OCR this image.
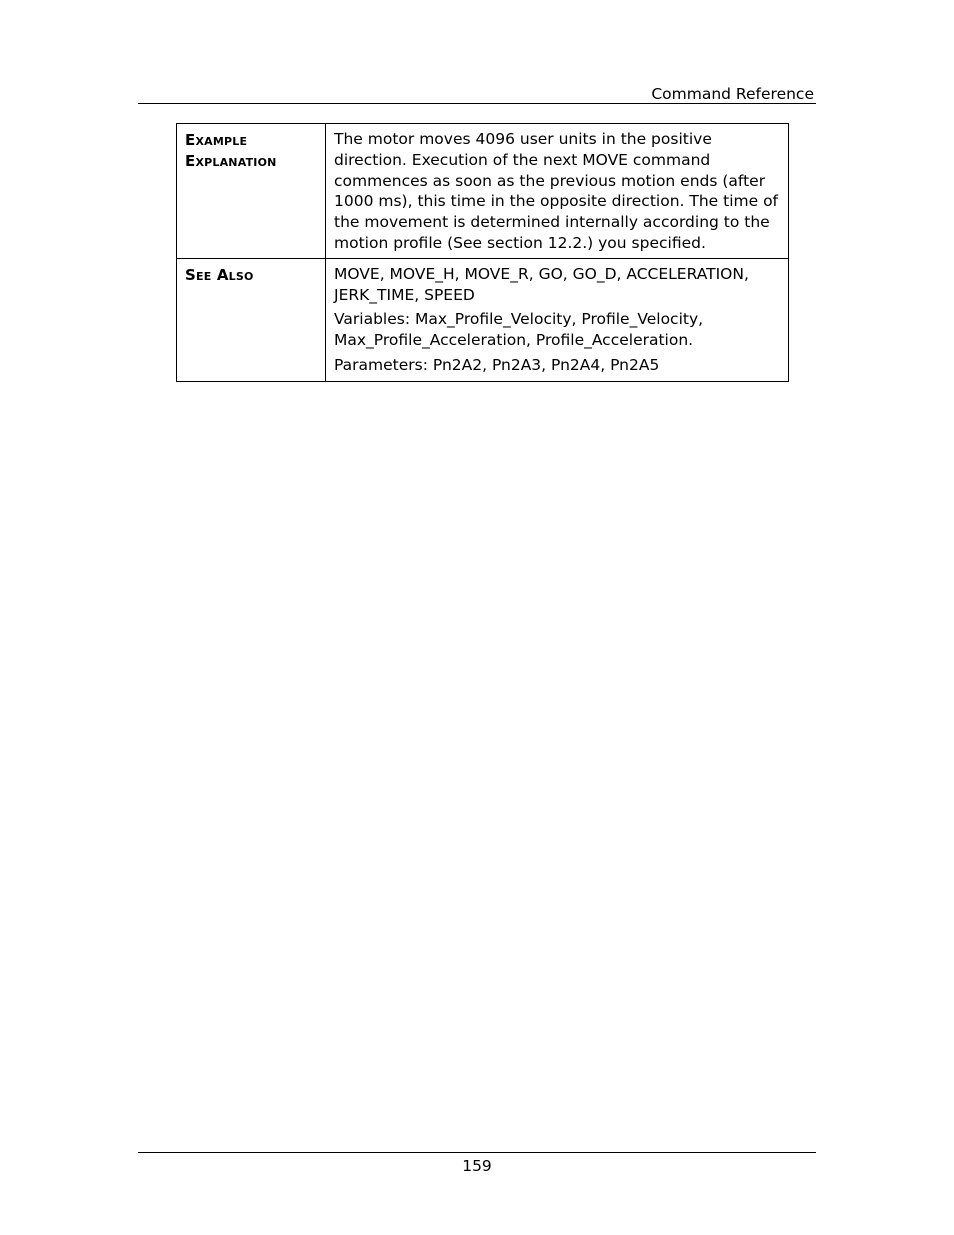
Command Reference
Example Explanation	The motor moves 4096 user units in the positive direction. Execution of the next MOVE command commences as soon as the previous motion ends (after 1000 ms), this time in the opposite direction. The time of the movement is determined internally according to the motion profile (See section 12.2.) you specified.

See Also	MOVE, MOVE_H, MOVE_R, GO, GO_D, ACCELERATION, JERK_TIME, SPEED

Variables: Max_Profile_Velocity, Profile_Velocity, Max_Profile_Acceleration, Profile_Acceleration.

Parameters: Pn2A2, Pn2A3, Pn2A4, Pn2A5

159
